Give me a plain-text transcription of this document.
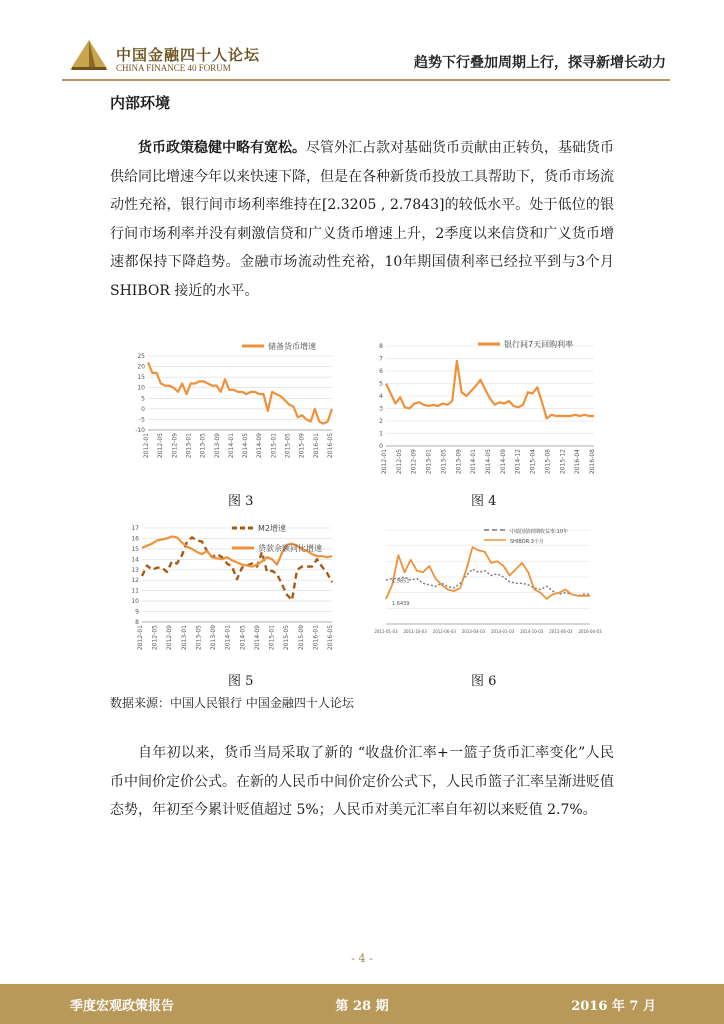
中国金融四十人论坛
CHINA FINANCE 40 FORUM	趋势下行叠加周期上行，探寻新增长动力
内部环境
货币政策稳健中略有宽松。尽管外汇占款对基础货币贡献由正转负，基础货币供给同比增速今年以来快速下降，但是在各种新货币投放工具帮助下，货币市场流动性充裕，银行间市场利率维持在[2.3205 , 2.7843]的较低水平。处于低位的银行间市场利率并没有刺激信贷和广义货币增速上升，2季度以来信贷和广义货币增速都保持下降趋势。金融市场流动性充裕，10年期国债利率已经拉平到与3个月 SHIBOR 接近的水平。
25
20
15
10
5
0
-5
-10
2012-01 2012-05 2012-09 2013-01 2013-05 2013-09 2014-01 2014-05 2014-09 2015-01 2015-05 2015-09 2016-01 2016-05
储备货币增速	8
7
6
5
4
3
2
1
0
2012-01 2012-05 2012-09 2013-01 2013-05 2013-09 2014-01 2014-05 2014-09 2014-12 2015-04 2015-08 2015-12 2016-04 2016-08
银行间7天回购利率
图 3	图 4
17
16
15
14
13
12
11
10
9
8
2012-01 2012-05 2012-09 2013-01 2013-05 2013-09 2014-01 2014-05 2014-09 2015-01 2015-05 2015-09 2016-01 2016-05
M2增速
贷款余额同比增速
2011-01-03 2011-10-03 2012-06-03 2013-04-03 2014-01-03 2014-10-03 2015-06-03 2016-04-03
中债国债到期收益率:10年
SHIBOR:3个月
1.9851
1.6439
图 5	图 6
数据来源：中国人民银行 中国金融四十人论坛
自年初以来，货币当局采取了新的 “收盘价汇率+一篮子货币汇率变化”人民币中间价定价公式。在新的人民币中间价定价公式下，人民币篮子汇率呈渐进贬值态势，年初至今累计贬值超过 5%；人民币对美元汇率自年初以来贬值 2.7%。
- 4 -
季度宏观政策报告	第 28 期	2016 年 7 月
